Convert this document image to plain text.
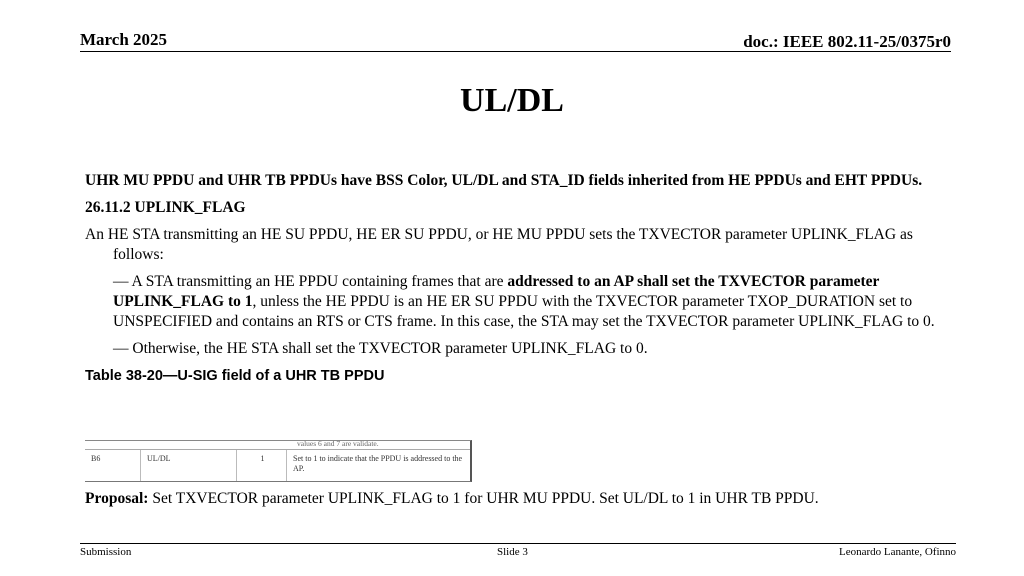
March 2025	doc.: IEEE 802.11-25/0375r0
UL/DL

UHR MU PPDU and UHR TB PPDUs have BSS Color, UL/DL and STA_ID fields inherited from HE PPDUs and EHT PPDUs.

26.11.2 UPLINK_FLAG

An HE STA transmitting an HE SU PPDU, HE ER SU PPDU, or HE MU PPDU sets the TXVECTOR parameter UPLINK_FLAG as follows:

— A STA transmitting an HE PPDU containing frames that are addressed to an AP shall set the TXVECTOR parameter UPLINK_FLAG to 1, unless the HE PPDU is an HE ER SU PPDU with the TXVECTOR parameter TXOP_DURATION set to UNSPECIFIED and contains an RTS or CTS frame. In this case, the STA may set the TXVECTOR parameter UPLINK_FLAG to 0.

— Otherwise, the HE STA shall set the TXVECTOR parameter UPLINK_FLAG to 0.

Table 38-20—U-SIG field of a UHR TB PPDU
values 6 and 7 are validate.
B6	UL/DL	1	Set to 1 to indicate that the PPDU is addressed to the AP.
Proposal: Set TXVECTOR parameter UPLINK_FLAG to 1 for UHR MU PPDU. Set UL/DL to 1 in UHR TB PPDU.
Submission	Slide 3	Leonardo Lanante, Ofinno
